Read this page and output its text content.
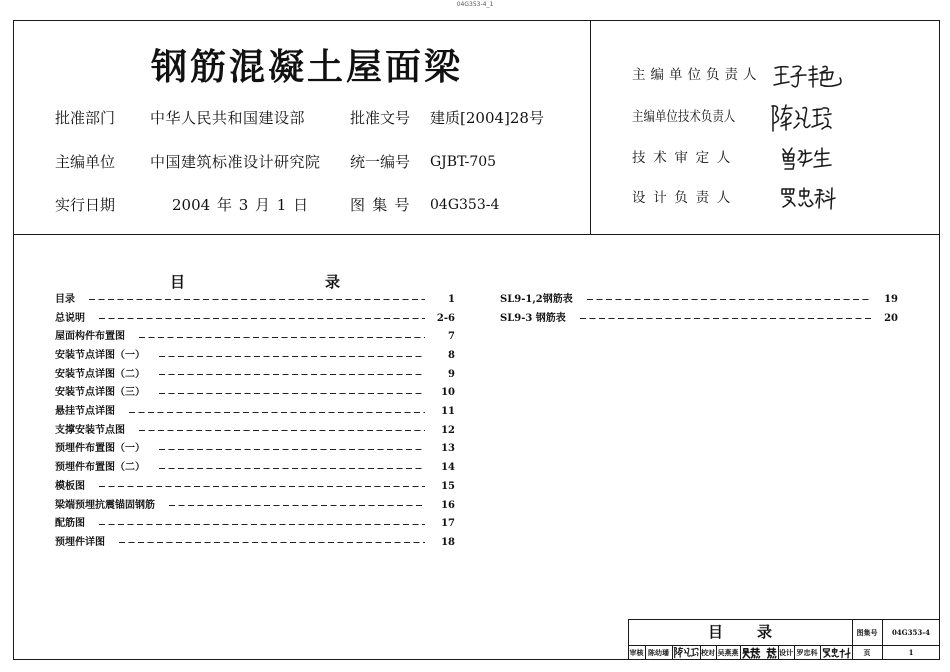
04G353-4_1
钢筋混凝土屋面梁
批准部门 中华人民共和国建设部	批准文号 建质[2004]28号
主编单位 中国建筑标准设计研究院 统一编号 GJBT-705
实行日期	2004 年 3 月 1 日	图 集 号 04G353-4
主编单位负责人
主编单位技术负责人
技 术 审 定 人
设 计 负 责 人
目录
目录	1
总说明	2-6
屋面构件布置图	7
安装节点详图（一）	8
安装节点详图（二）	9
安装节点详图（三）	10
悬挂节点详图	11
支撑安装节点图	12
预埋件布置图（一）	13
预埋件布置图（二）	14
模板图	15
梁端预埋抗震锚固钢筋	16
配筋图	17
预埋件详图	18
SL9-1,2钢筋表	19
SL9-3 钢筋表	20
目录	图集号	04G353-4
审核 陈幼璠	校对 吴燕燕	设计 罗忠科	页	1
